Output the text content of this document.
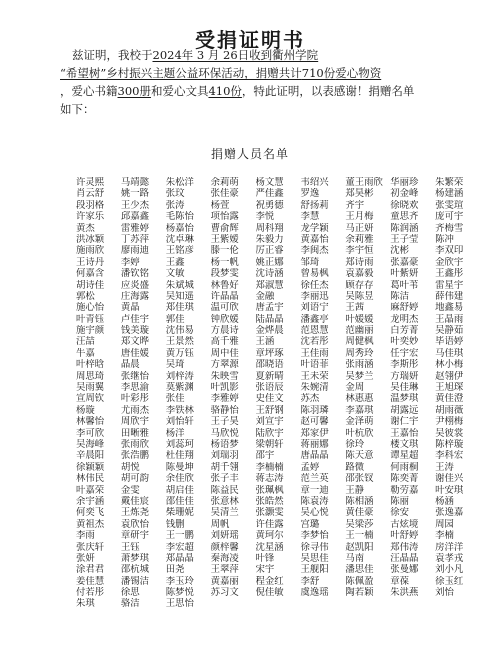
受捐证明书

兹证明，我校于2024年 3 月 26日收到衢州学院

“希望树”乡村振兴主题公益环保活动，捐赠共计710份爱心物资

，爱心书籍300册和爱心文具410份，特此证明，以表感谢！捐赠名单

如下：

捐赠人员名单
许灵熙	马靖懿	朱松洋	余莉萌	杨文慧	韦绍兴	董王雨欣 华丽珍	朱繁荣
肖云舒	姚一路	张玟	张佳豪	严佳鑫	罗逸	郑昊彬	初金峰	杨建涵
段羽格	王少杰	张涛	杨萱	祝勇德	舒扬莉	齐宇	徐晓欢	张雯瑄
许家乐	邱嘉鑫	毛陈怡	项怡露	李悦	李慧	王月梅	童思齐	庞可宇
黄杰	雷雅婷	杨嘉怡	曹俞辉	周科翔	龙学颖	马正妍	陈润涵	齐梅雪
洪冰颖	丁苏萍	沈卓琳	王紫嫒	朱毅力	黄嘉怡	余莉雅	王子莹	陈冲
施雨欣	廖雨迪	王铭彦	滕一伦	厉正睿	李闽杰	李宇恒	沈彬	李双印
王诗丹	李婷	王鑫	杨一帆	姚正娜	邹琦	郑诗雨	张嘉豪	金欣宇
何嘉含	潘钦铭	文敏	段梦雯	沈诗涵	曾易枫	袁嘉毅	叶紫妍	王鑫彤
胡诗佳	应炎盛	朱斌城	林鲁好	郑淑慧	徐任杰	顾存存	葛叶苇	雷星宇
郭松	庄海露	吴知遥	许晶晶	金融	李丽迅	吴陈昱	陈洁	薛伟建
施心怡	黄晶	郑佳琪	温可欣	唐孟宇	刘语宁	王茜	麻舒婷	地鑫易
叶青钰	卢佳宇	郭佳	钟欣媛	陆晶晶	潘鑫亭	叶媛媛	龙明杰	王晶雨
施宇颜	钱美璇	沈伟易	方晨诗	金烨晨	范恩慧	范幽丽	白芳菁	吴静茹
汪喆	郑文晔	王景然	高千雅	王涵	沈若彤	周健枫	叶奕妙	毕语婷
牛嘉	唐佳媛	黄万钰	周中佳	章坪琢	王佳雨	周秀玲	任宇宏	马佳琪
叶梓晗	晶晨	吴琦	方翠源	邵晓语	叶语菲	张雨涵	李斯彤	林小梅
周思琦	张继怡	刘梓涛	朱映雪	夏新晴	王未荣	吴梦兰	方瑞妍	赵翎伊
吴雨翼	李思渝	莫紫渊	叶凯影	张语辰	朱婉清	金周	吴佳琳	王旭琛
宣周钦	叶彩彤	张佳	李雅婷	史佳文	苏杰	林惠惠	温梦琪	黄佳澄
杨璇	尤雨杰	李铁林	骆静怡	王舒钢	陈羽璘	李嘉琪	胡露远	胡雨薇
林馨怡	周欣宇	刘怡轩	王子昊	刘宣宇	赵可馨	金泽萌	谢仁宇	尹栩梅
李可欣	田晰雅	杨洋	马欣悦	陆欣宇	郑家伊	叶杭欣	王嘉怡	吴彼裳
吴海峰	张雨欣	刘蕊珂	杨语梦	梁朝轩	蒋丽娜	徐玲	楼文琪	陈梓璇
辛晨阳	张浩鹏	杜佳翔	刘瑞羽	邵宇	唐晶晶	陈天意	谭星超	李科宏
徐颖颖	胡悦	陈曼坤	胡千翎	李楠楠	孟婷	路微	何雨桐	王涛
林伟民	胡可韵	余佳欣	张子丰	蒋志涛	范兰英	邵张钗	陈奕菁	谢佳兴
叶嘉荣	金雯	胡启佳	陈益民	张珮枫	章一迪	王静	勒劳嘉	叶安琪
余宇涵	戴佳宸	邵佳佳	张意林	张皓然	陈袁涛	陈相涵	陈丽	杨涵
何奕飞	王炼尧	柴珊妮	吴清兰	张灏雯	吴心悦	黄佳豪	徐安	张逸嘉
黄祖杰	袁欣怡	钱删	周帆	许佳露	宫璐	吴梁莎	古炫境	周园
李雨	章研宇	王一鹏	刘妍瑶	黄珂尔	李梦怡	王一楠	叶舒婷	李楠
张庆轩	王钰	李宏超	颜梓馨	沈星涵	徐寻伟	赵凯阳	郑伟涛	房洋洋
张妍	萧梦琪	郑晶晶	秦海凌	叶锋	吴思佳	马南	汪晶晶	袁孝戎
涂君君	邵杭城	田尧	王翠萍	宋宇	王舰阳	潘思佳	张曼娜	刘小凡
姜佳慧	潘锡洁	李玉玲	黄嘉丽	程金红	李舒	陈佩盈	章葆	徐玉红
付若彤	徐思	陈梦悦	苏习文	倪佳敏	虞逸瑶	陶若颖	朱洪燕	刘怡
朱琪	骆洁	王思怡
